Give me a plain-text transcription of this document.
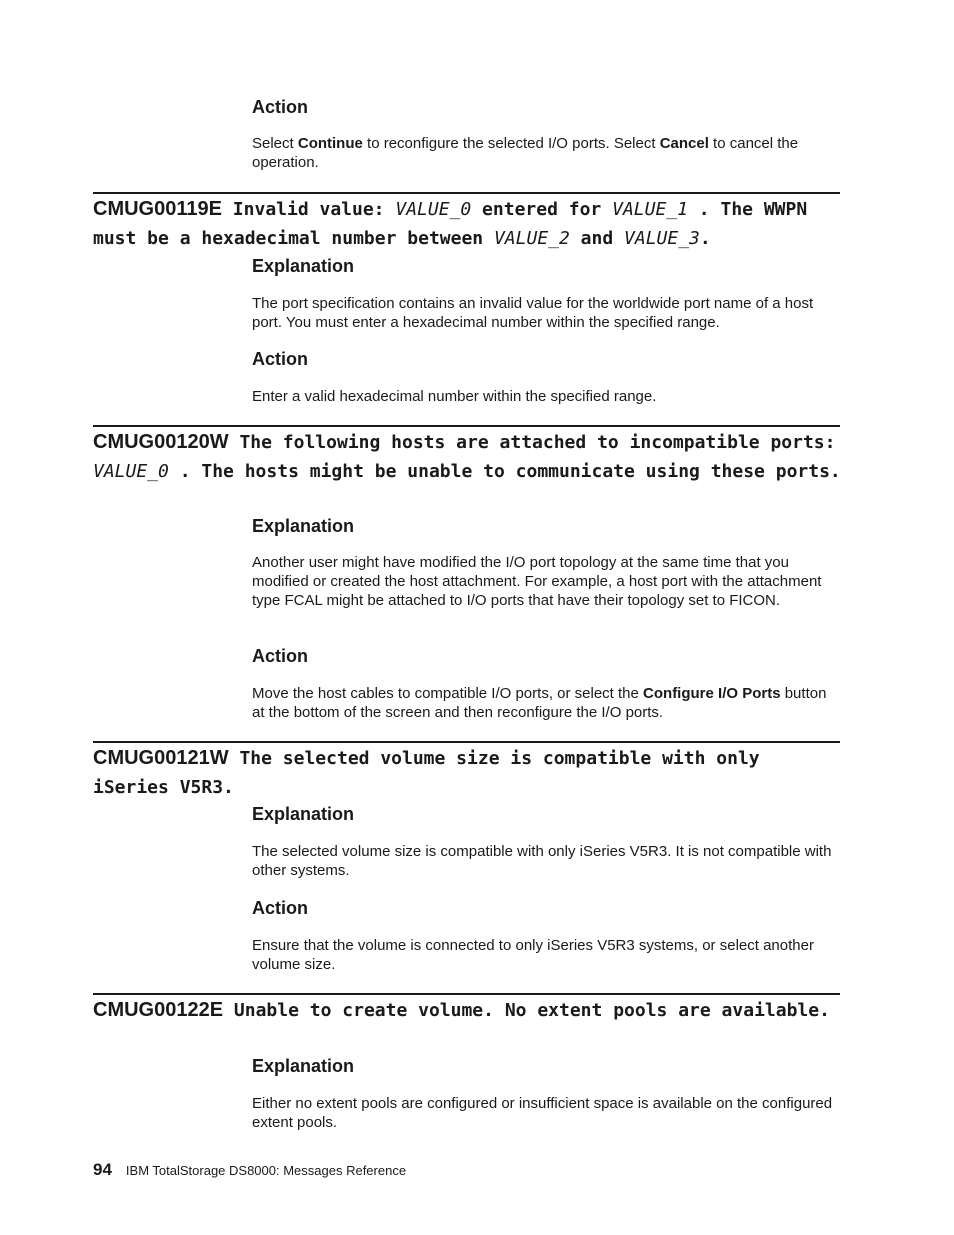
Action

Select Continue to reconfigure the selected I/O ports. Select Cancel to cancel the operation.

CMUG00119E Invalid value: VALUE_0 entered for VALUE_1 . The WWPN must be a hexadecimal number between VALUE_2 and VALUE_3.
Explanation

The port specification contains an invalid value for the worldwide port name of a host port. You must enter a hexadecimal number within the specified range.

Action

Enter a valid hexadecimal number within the specified range.

CMUG00120W The following hosts are attached to incompatible ports: VALUE_0 . The hosts might be unable to communicate using these ports.
Explanation

Another user might have modified the I/O port topology at the same time that you modified or created the host attachment. For example, a host port with the attachment type FCAL might be attached to I/O ports that have their topology set to FICON.

Action

Move the host cables to compatible I/O ports, or select the Configure I/O Ports button at the bottom of the screen and then reconfigure the I/O ports.

CMUG00121W The selected volume size is compatible with only iSeries V5R3.
Explanation

The selected volume size is compatible with only iSeries V5R3. It is not compatible with other systems.

Action

Ensure that the volume is connected to only iSeries V5R3 systems, or select another volume size.

CMUG00122E Unable to create volume. No extent pools are available.
Explanation

Either no extent pools are configured or insufficient space is available on the configured extent pools.

94 IBM TotalStorage DS8000: Messages Reference
